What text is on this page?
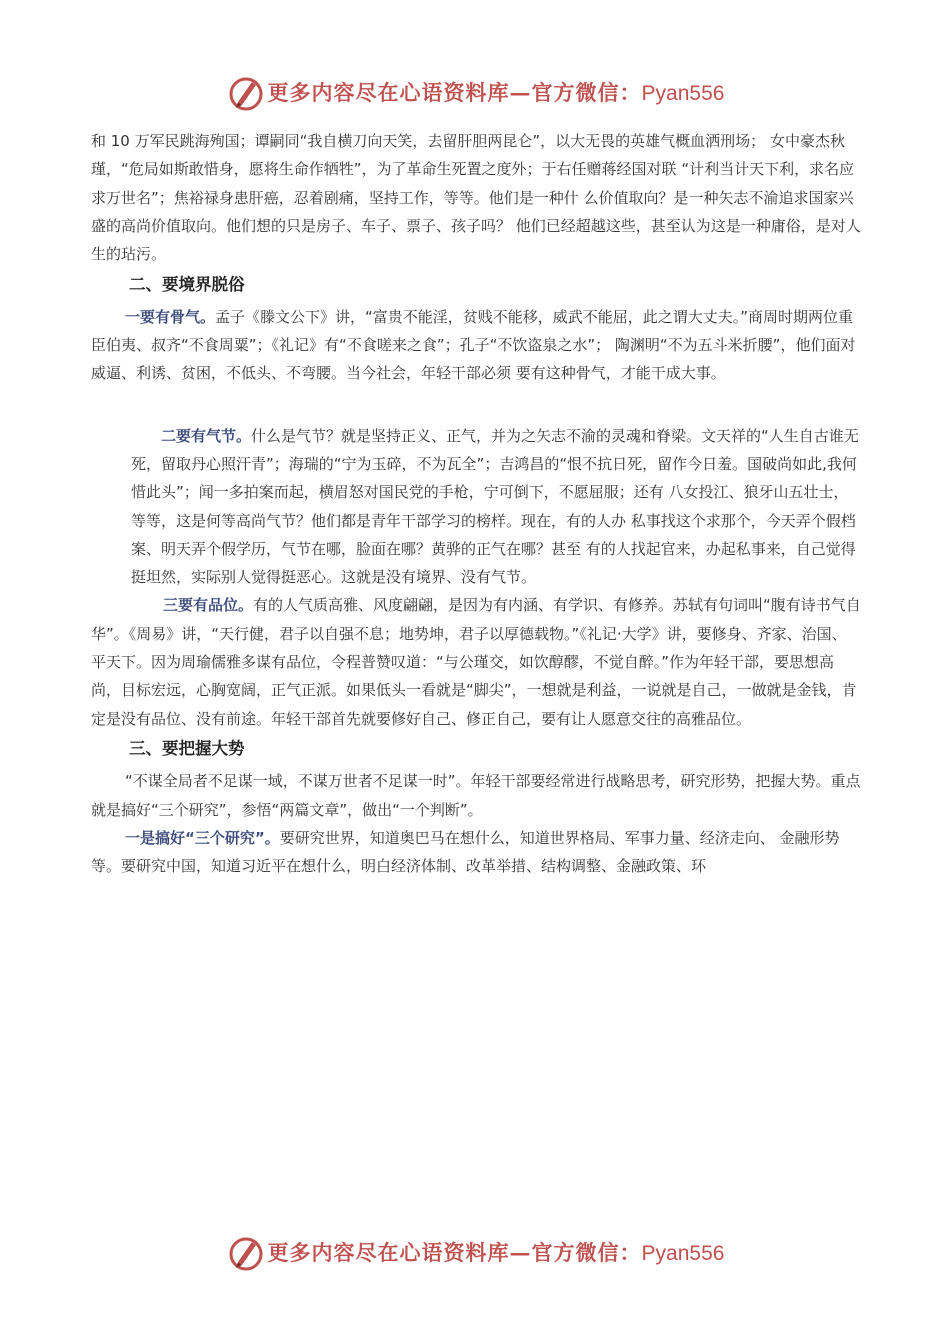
更多内容尽在心语资料库—官方微信：Pyan556

和 10 万军民跳海殉国；谭嗣同“我自横刀向天笑，去留肝胆两昆仑”，以大无畏的英雄气概血洒刑场； 女中豪杰秋瑾，“危局如斯敢惜身，愿将生命作牺牲”，为了革命生死置之度外；于右任赠蒋经国对联 “计利当计天下利，求名应求万世名”；焦裕禄身患肝癌，忍着剧痛，坚持工作，等等。他们是一种什 么价值取向？是一种矢志不渝追求国家兴盛的高尚价值取向。他们想的只是房子、车子、票子、孩子吗？ 他们已经超越这些，甚至认为这是一种庸俗，是对人生的玷污。

二、要境界脱俗

一要有骨气。孟子《滕文公下》讲，“富贵不能淫，贫贱不能移，威武不能屈，此之谓大丈夫。”商周时期两位重臣伯夷、叔齐“不食周粟”；《礼记》有“不食嗟来之食”；孔子“不饮盗泉之水”； 陶渊明“不为五斗米折腰”，他们面对威逼、利诱、贫困，不低头、不弯腰。当今社会，年轻干部必须 要有这种骨气，才能干成大事。

二要有气节。什么是气节？就是坚持正义、正气，并为之矢志不渝的灵魂和脊梁。文天祥的“人生自古谁无死，留取丹心照汗青”；海瑞的“宁为玉碎，不为瓦全”；吉鸿昌的“恨不抗日死，留作今日羞。国破尚如此,我何惜此头”；闻一多拍案而起，横眉怒对国民党的手枪，宁可倒下，不愿屈服；还有 八女投江、狼牙山五壮士，等等，这是何等高尚气节？他们都是青年干部学习的榜样。现在，有的人办 私事找这个求那个，今天弄个假档案、明天弄个假学历，气节在哪，脸面在哪？黄骅的正气在哪？甚至 有的人找起官来，办起私事来，自己觉得挺坦然，实际别人觉得挺恶心。这就是没有境界、没有气节。

三要有品位。有的人气质高雅、风度翩翩，是因为有内涵、有学识、有修养。苏轼有句词叫“腹有诗书气自华”。《周易》讲，“天行健，君子以自强不息；地势坤，君子以厚德载物。”《礼记·大学》讲，要修身、齐家、治国、平天下。因为周瑜儒雅多谋有品位，令程普赞叹道：“与公瑾交，如饮醇醪，不觉自醉。”作为年轻干部，要思想高尚，目标宏远，心胸宽阔，正气正派。如果低头一看就是“脚尖”，一想就是利益，一说就是自己，一做就是金钱，肯定是没有品位、没有前途。年轻干部首先就要修好自己、修正自己，要有让人愿意交往的高雅品位。

三、要把握大势

“不谋全局者不足谋一域，不谋万世者不足谋一时”。年轻干部要经常进行战略思考，研究形势，把握大势。重点就是搞好“三个研究”，参悟“两篇文章”，做出“一个判断”。

一是搞好“三个研究”。要研究世界，知道奥巴马在想什么，知道世界格局、军事力量、经济走向、 金融形势等。要研究中国，知道习近平在想什么，明白经济体制、改革举措、结构调整、金融政策、环

更多内容尽在心语资料库—官方微信：Pyan556
